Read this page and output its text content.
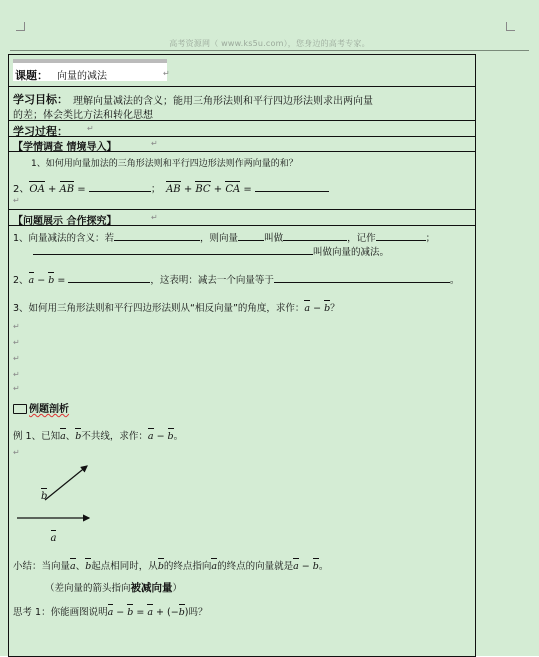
高考资源网（ www.ks5u.com），您身边的高考专家。
课题： 向量的减法	↵
学习目标： 理解向量减法的含义；能用三角形法则和平行四边形法则求出两向量
的差；体会类比方法和转化思想
学习过程： ↵
【学情调查 情境导入】	↵
1、如何用向量加法的三角形法则和平行四边形法则作两向量的和？
2、
OA +
AB =	； AB +
BC +
CA =
↵
【问题展示 合作探究】	↵
1、向量减法的含义：若	，则向量	叫做	，记作	；
叫做向量的减法。
2、
a −
b =	，这表明：减去一个向量等于	。
3、如何用三角形法则和平行四边形法则从“相反向量”的角度，求作：
a −
b？
↵
↵
↵
↵
↵
例题剖析
例 1、已知
a、
b不共线，求作：
a −
b。
↵
b
a
小结：当向量
a、
b起点相同时，从
b的终点指向
a的终点的向量就是
a −
b。
（差向量的箭头指向被减向量）
思考 1：你能画图说明
a −
b =
a + (−
b)吗？
